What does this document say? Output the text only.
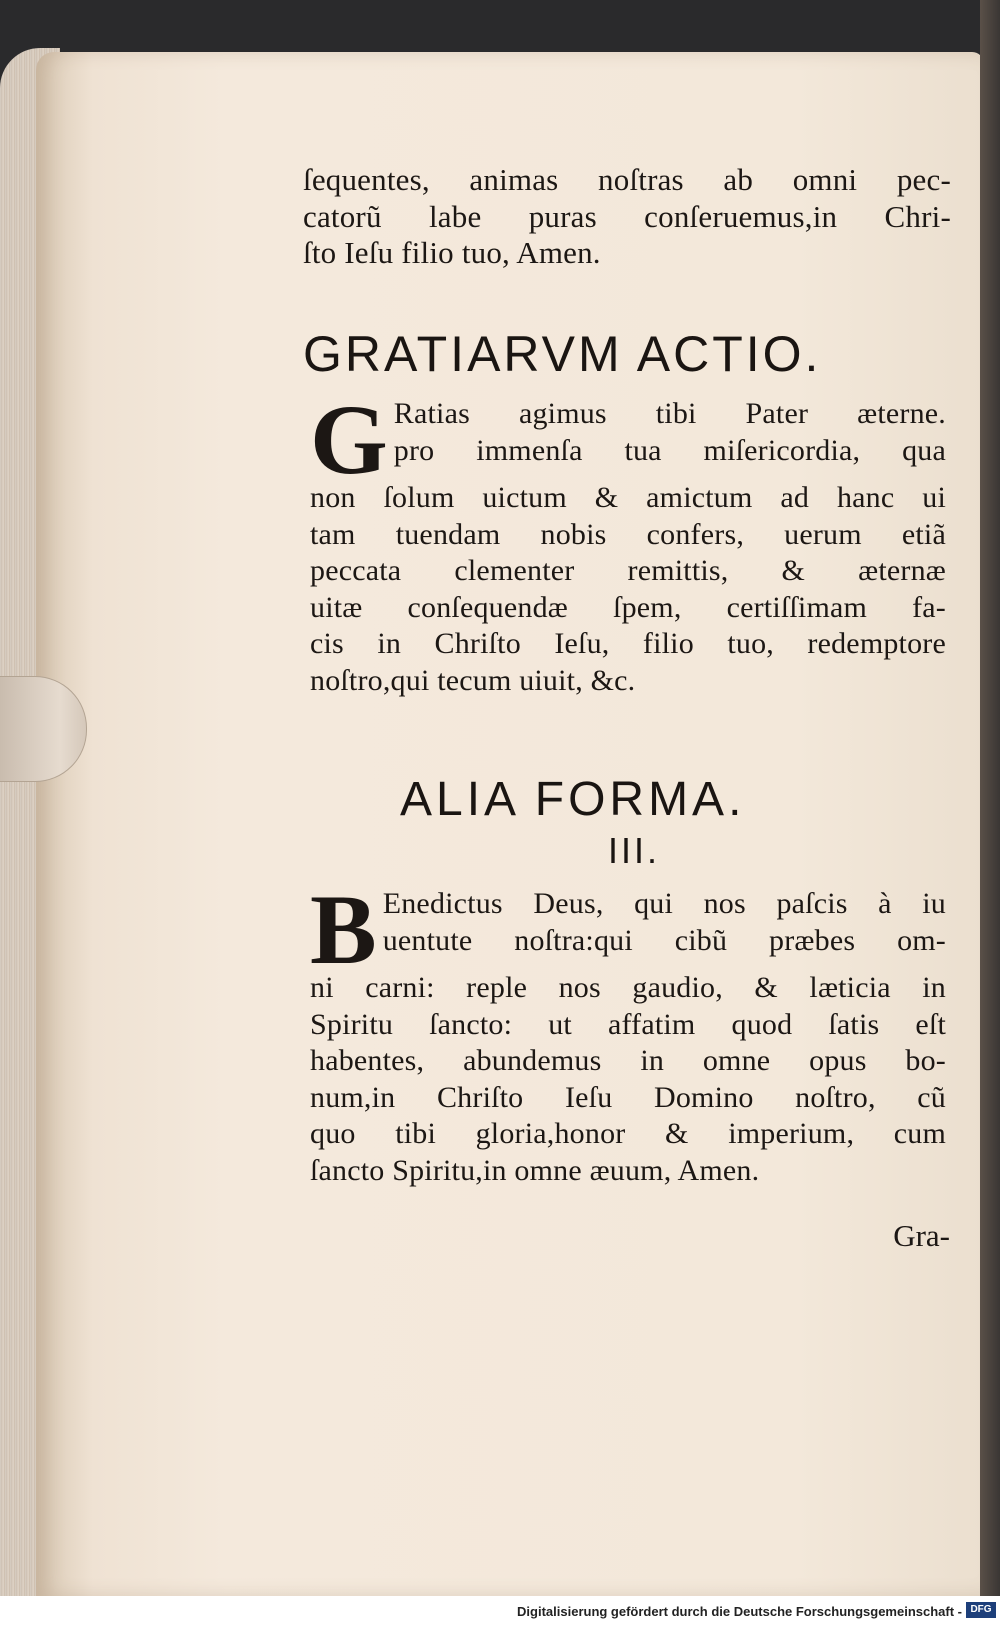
ſequentes, animas noſtras ab omni pec-
catorũ labe puras conſeruemus,in Chri-
ſto Ieſu filio tuo, Amen.
GRATIARVM ACTIO.
G Ratias agimus tibi Pater æterne.
pro immenſa tua miſericordia, qua
non ſolum uictum & amictum ad hanc ui
tam tuendam nobis confers, uerum etiã
peccata clementer remittis, & æternæ
uitæ conſequendæ ſpem, certiſſimam fa-
cis in Chriſto Ieſu, filio tuo, redemptore
noſtro,qui tecum uiuit, &c.
ALIA FORMA.
III.
B Enedictus Deus, qui nos paſcis à iu
uentute noſtra:qui cibũ præbes om-
ni carni: reple nos gaudio, & læticia in
Spiritu ſancto: ut affatim quod ſatis eſt
habentes, abundemus in omne opus bo-
num,in Chriſto Ieſu Domino noſtro, cũ
quo tibi gloria,honor & imperium, cum
ſancto Spiritu,in omne æuum, Amen.
Gra-
Digitalisierung gefördert durch die Deutsche Forschungsgemeinschaft - DFG
